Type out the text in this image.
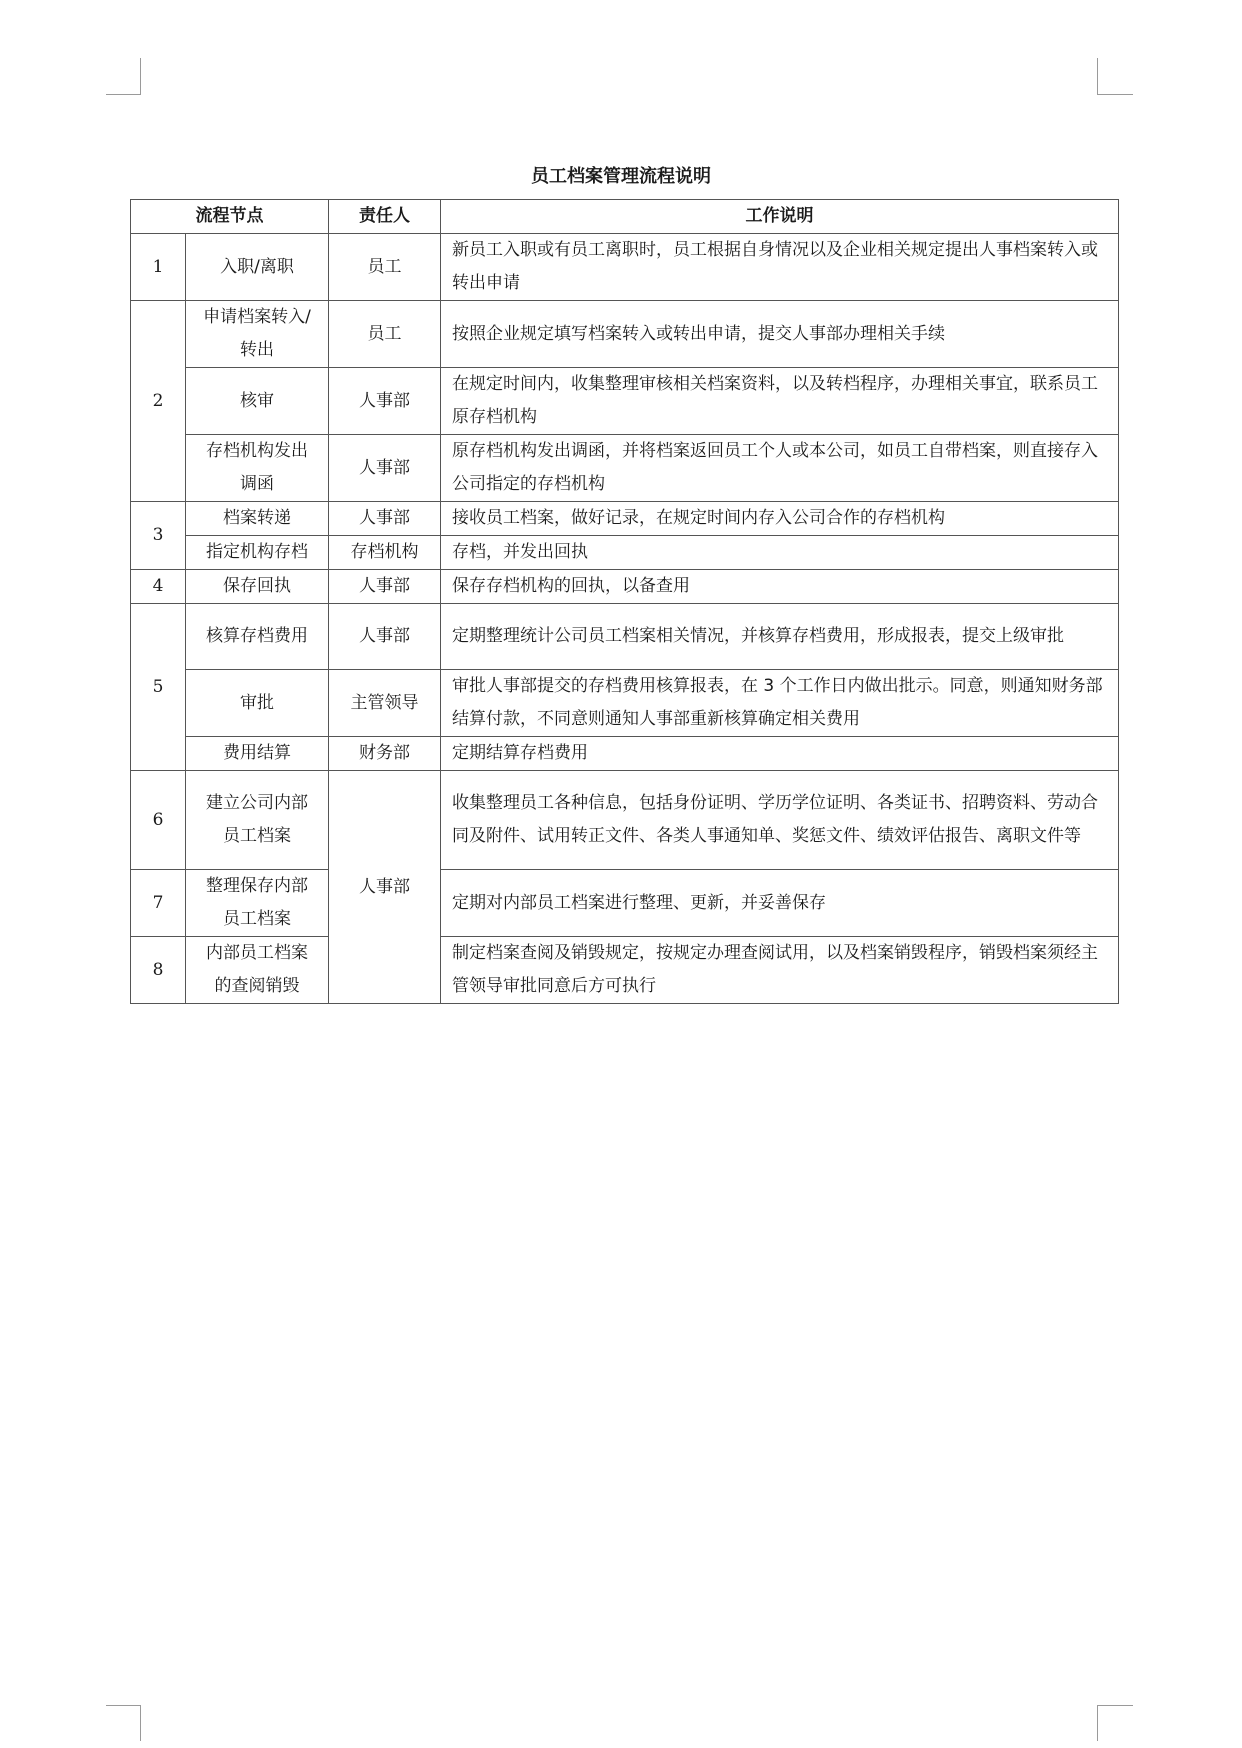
员工档案管理流程说明
流程节点		责任人	工作说明
1	入职/离职	员工	新员工入职或有员工离职时，员工根据自身情况以及企业相关规定提出人事档案转入或转出申请
2	申请档案转入/转出	员工	按照企业规定填写档案转入或转出申请，提交人事部办理相关手续
	核审	人事部	在规定时间内，收集整理审核相关档案资料，以及转档程序，办理相关事宜，联系员工原存档机构
	存档机构发出调函	人事部	原存档机构发出调函，并将档案返回员工个人或本公司，如员工自带档案，则直接存入公司指定的存档机构
3	档案转递	人事部	接收员工档案，做好记录，在规定时间内存入公司合作的存档机构
	指定机构存档	存档机构	存档，并发出回执
4	保存回执	人事部	保存存档机构的回执，以备查用
5	核算存档费用	人事部	定期整理统计公司员工档案相关情况，并核算存档费用，形成报表，提交上级审批
	审批	主管领导	审批人事部提交的存档费用核算报表，在 3 个工作日内做出批示。同意，则通知财务部结算付款，不同意则通知人事部重新核算确定相关费用
	费用结算	财务部	定期结算存档费用
6	建立公司内部员工档案	人事部	收集整理员工各种信息，包括身份证明、学历学位证明、各类证书、招聘资料、劳动合同及附件、试用转正文件、各类人事通知单、奖惩文件、绩效评估报告、离职文件等
7	整理保存内部员工档案		定期对内部员工档案进行整理、更新，并妥善保存
8	内部员工档案的查阅销毁		制定档案查阅及销毁规定，按规定办理查阅试用，以及档案销毁程序，销毁档案须经主管领导审批同意后方可执行
